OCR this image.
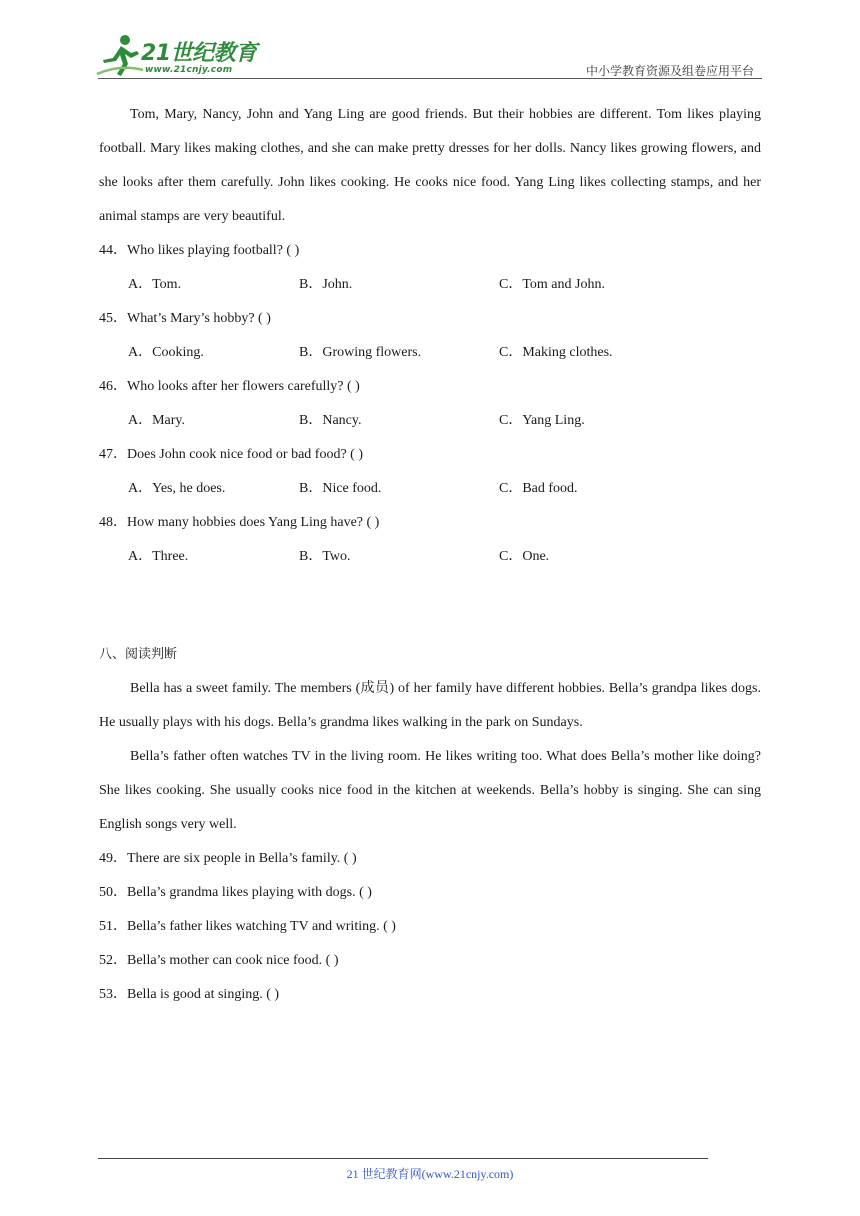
21世纪教育
www.21cnjy.com	中小学教育资源及组卷应用平台

Tom, Mary, Nancy, John and Yang Ling are good friends. But their hobbies are different. Tom likes playing football. Mary likes making clothes, and she can make pretty dresses for her dolls. Nancy likes growing flowers, and she looks after them carefully. John likes cooking. He cooks nice food. Yang Ling likes collecting stamps, and her animal stamps are very beautiful.

44．Who likes playing football? ( )
A．Tom.	B．John.	C．Tom and John.
45．What’s Mary’s hobby? ( )
A．Cooking.	B．Growing flowers.	C．Making clothes.
46．Who looks after her flowers carefully? ( )
A．Mary.	B．Nancy.	C．Yang Ling.
47．Does John cook nice food or bad food? ( )
A．Yes, he does.	B．Nice food.	C．Bad food.
48．How many hobbies does Yang Ling have? ( )
A．Three.	B．Two.	C．One.
八、阅读判断

Bella has a sweet family. The members (成员) of her family have different hobbies. Bella’s grandpa likes dogs. He usually plays with his dogs. Bella’s grandma likes walking in the park on Sundays.

Bella’s father often watches TV in the living room. He likes writing too. What does Bella’s mother like doing? She likes cooking. She usually cooks nice food in the kitchen at weekends. Bella’s hobby is singing. She can sing English songs very well.

49．There are six people in Bella’s family. ( )
50．Bella’s grandma likes playing with dogs. ( )
51．Bella’s father likes watching TV and writing. ( )
52．Bella’s mother can cook nice food. ( )
53．Bella is good at singing. ( )
21 世纪教育网(www.21cnjy.com)
